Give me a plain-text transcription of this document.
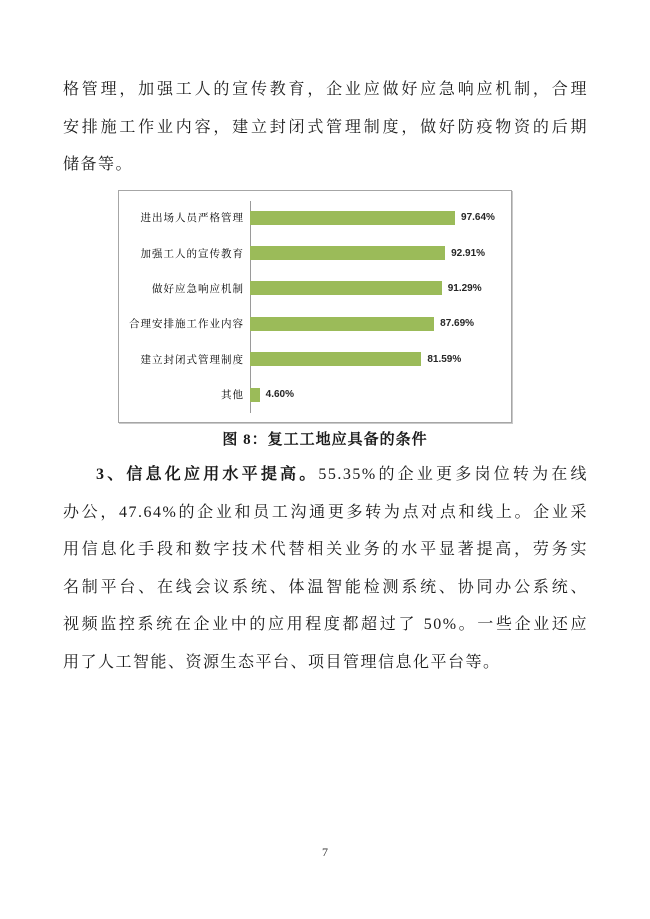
格管理，加强工人的宣传教育，企业应做好应急响应机制，合理
安排施工作业内容，建立封闭式管理制度，做好防疫物资的后期
储备等。
进出场人员严格管理	97.64%
加强工人的宣传教育	92.91%
做好应急响应机制	91.29%
合理安排施工作业内容	87.69%
建立封闭式管理制度	81.59%
其他	4.60%
图 8：复工工地应具备的条件
3、信息化应用水平提高。55.35%的企业更多岗位转为在线
办公，47.64%的企业和员工沟通更多转为点对点和线上。企业采
用信息化手段和数字技术代替相关业务的水平显著提高，劳务实
名制平台、在线会议系统、体温智能检测系统、协同办公系统、
视频监控系统在企业中的应用程度都超过了 50%。一些企业还应
用了人工智能、资源生态平台、项目管理信息化平台等。
7
